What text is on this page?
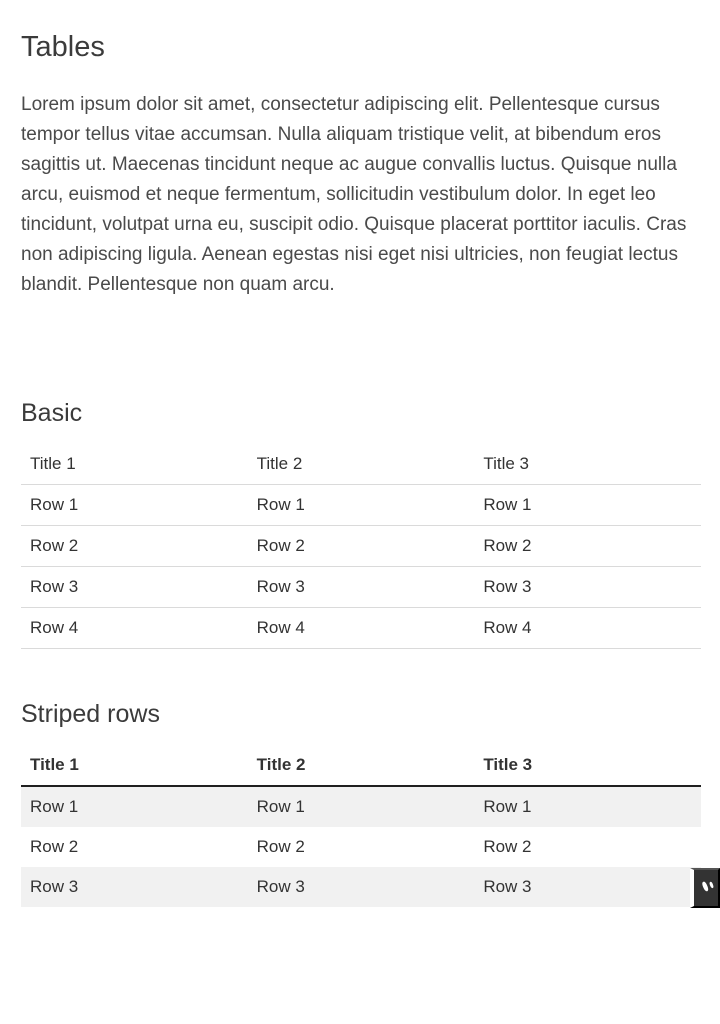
Tables

Lorem ipsum dolor sit amet, consectetur adipiscing elit. Pellentesque cursus tempor tellus vitae accumsan. Nulla aliquam tristique velit, at bibendum eros sagittis ut. Maecenas tincidunt neque ac augue convallis luctus. Quisque nulla arcu, euismod et neque fermentum, sollicitudin vestibulum dolor. In eget leo tincidunt, volutpat urna eu, suscipit odio. Quisque placerat porttitor iaculis. Cras non adipiscing ligula. Aenean egestas nisi eget nisi ultricies, non feugiat lectus blandit. Pellentesque non quam arcu.

Basic
Title 1	Title 2	Title 3
Row 1	Row 1	Row 1
Row 2	Row 2	Row 2
Row 3	Row 3	Row 3
Row 4	Row 4	Row 4
Striped rows
Title 1	Title 2	Title 3
Row 1	Row 1	Row 1
Row 2	Row 2	Row 2
Row 3	Row 3	Row 3
